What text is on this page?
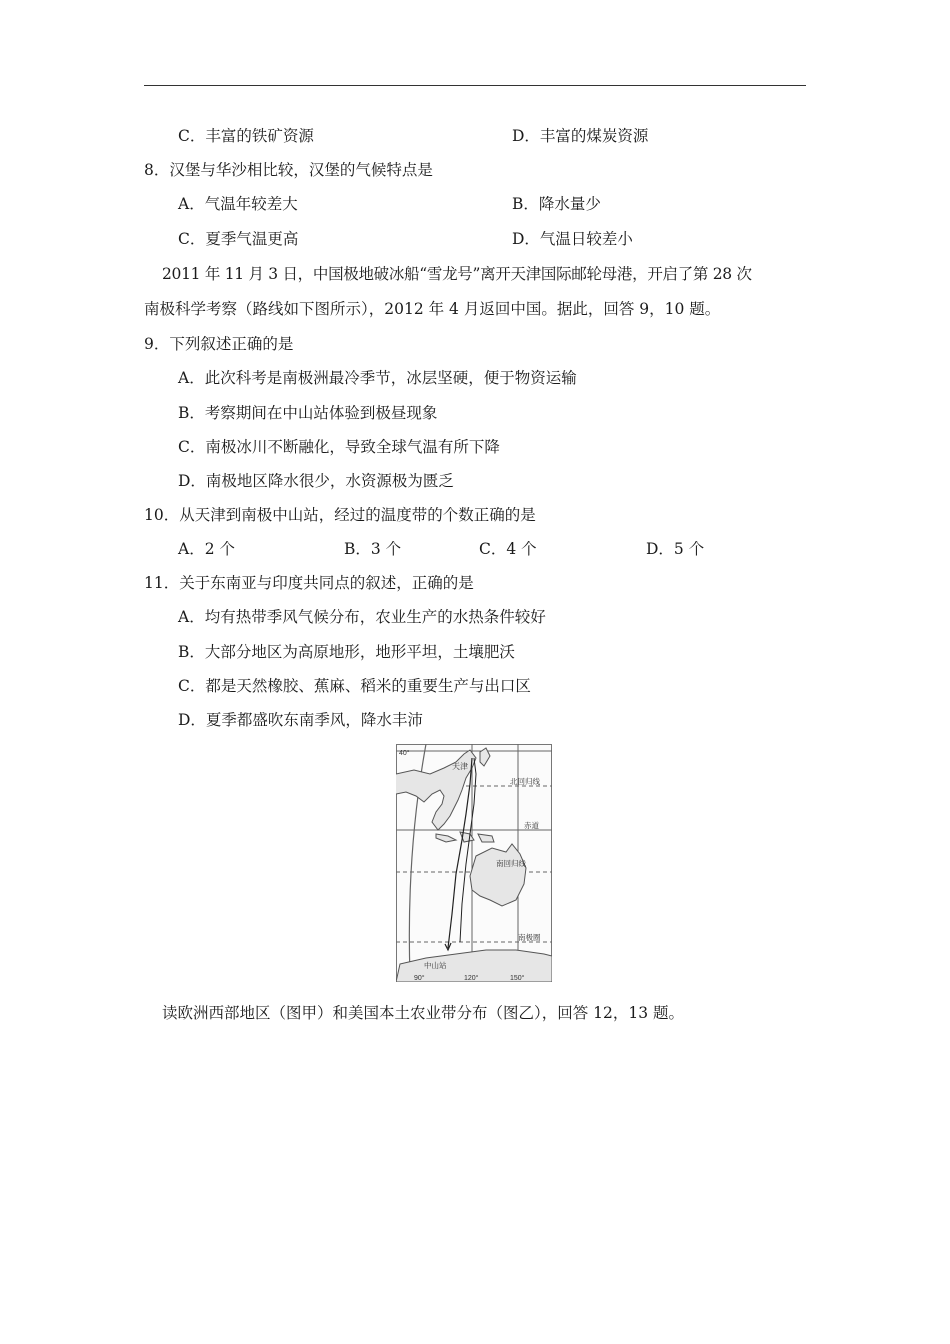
C．丰富的铁矿资源	D．丰富的煤炭资源
8．汉堡与华沙相比较，汉堡的气候特点是
A．气温年较差大	B．降水量少
C．夏季气温更高	D．气温日较差小
2011 年 11 月 3 日，中国极地破冰船“雪龙号”离开天津国际邮轮母港，开启了第 28 次
南极科学考察（路线如下图所示），2012 年 4 月返回中国。据此，回答 9，10 题。
9．下列叙述正确的是
A．此次科考是南极洲最冷季节，冰层坚硬，便于物资运输
B．考察期间在中山站体验到极昼现象
C．南极冰川不断融化，导致全球气温有所下降
D．南极地区降水很少，水资源极为匮乏
10．从天津到南极中山站，经过的温度带的个数正确的是
A．2 个	B．3 个	C．4 个	D．5 个
11．关于东南亚与印度共同点的叙述，正确的是
A．均有热带季风气候分布，农业生产的水热条件较好
B．大部分地区为高原地形，地形平坦，土壤肥沃
C．都是天然橡胶、蕉麻、稻米的重要生产与出口区
D．夏季都盛吹东南季风，降水丰沛
40°
天津
北回归线
赤道
南回归线
南极圈
中山站
90°	120°	150°
读欧洲西部地区（图甲）和美国本土农业带分布（图乙），回答 12，13 题。
